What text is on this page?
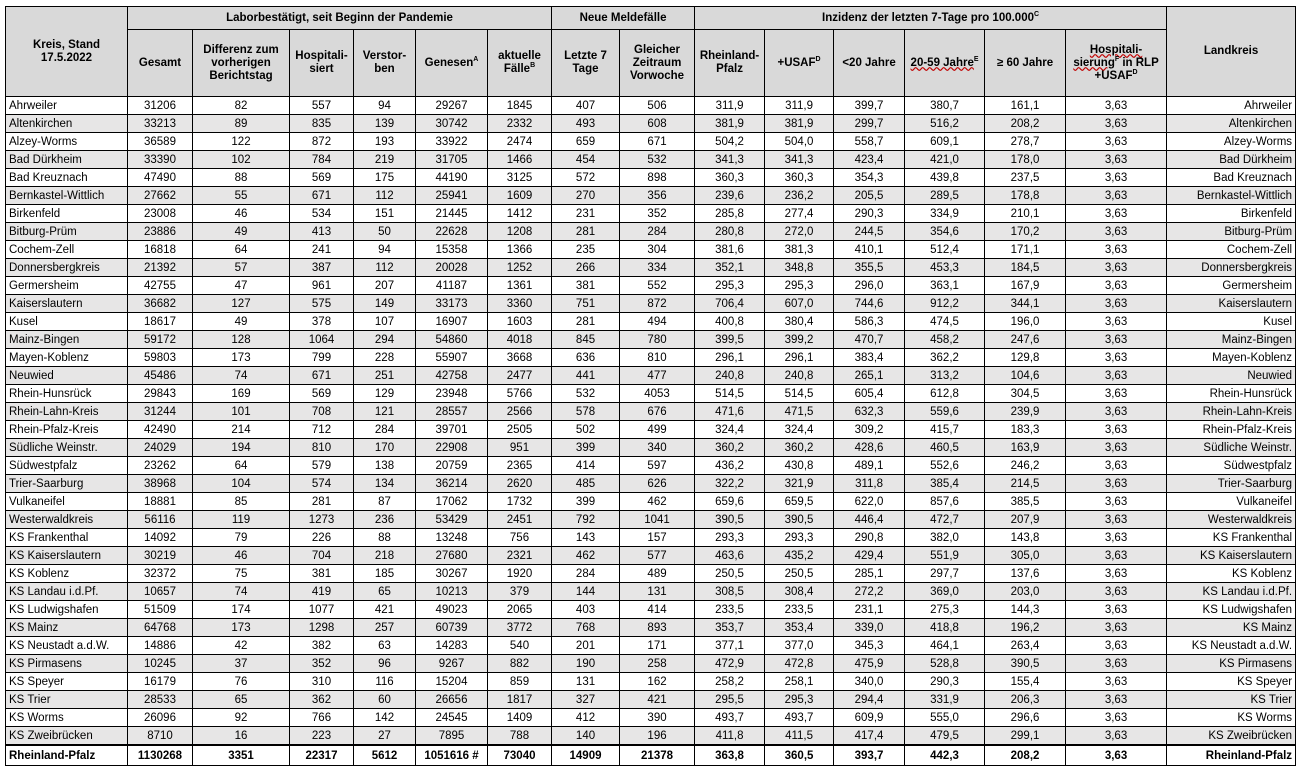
Kreis, Stand
17.5.2022	Laborbestätigt, seit Beginn der Pandemie						Neue Meldefälle		Inzidenz der letzten 7-Tage pro $100.000^C$						Landkreis
	Gesamt	Differenz zum vorherigen Berichtstag	Hospitali-siert	Verstor-ben	Genesen$^A$	aktuelle Fälle$^B$	Letzte 7 Tage	Gleicher Zeitraum Vorwoche	Rheinland-Pfalz	$+USAF^D$	<20 Jahre	20-59 Jahre$^E$	≥ 60 Jahre	Hospitali-sierung$^F$ in RLP $+USAF^D$
Ahrweiler	31206	82	557	94	29267	1845	407	506	311,9	311,9	399,7	380,7	161,1	3,63	Ahrweiler
Altenkirchen	33213	89	835	139	30742	2332	493	608	381,9	381,9	299,7	516,2	208,2	3,63	Altenkirchen
Alzey-Worms	36589	122	872	193	33922	2474	659	671	504,2	504,0	558,7	609,1	278,7	3,63	Alzey-Worms
Bad Dürkheim	33390	102	784	219	31705	1466	454	532	341,3	341,3	423,4	421,0	178,0	3,63	Bad Dürkheim
Bad Kreuznach	47490	88	569	175	44190	3125	572	898	360,3	360,3	354,3	439,8	237,5	3,63	Bad Kreuznach
Bernkastel-Wittlich	27662	55	671	112	25941	1609	270	356	239,6	236,2	205,5	289,5	178,8	3,63	Bernkastel-Wittlich
Birkenfeld	23008	46	534	151	21445	1412	231	352	285,8	277,4	290,3	334,9	210,1	3,63	Birkenfeld
Bitburg-Prüm	23886	49	413	50	22628	1208	281	284	280,8	272,0	244,5	354,6	170,2	3,63	Bitburg-Prüm
Cochem-Zell	16818	64	241	94	15358	1366	235	304	381,6	381,3	410,1	512,4	171,1	3,63	Cochem-Zell
Donnersbergkreis	21392	57	387	112	20028	1252	266	334	352,1	348,8	355,5	453,3	184,5	3,63	Donnersbergkreis
Germersheim	42755	47	961	207	41187	1361	381	552	295,3	295,3	296,0	363,1	167,9	3,63	Germersheim
Kaiserslautern	36682	127	575	149	33173	3360	751	872	706,4	607,0	744,6	912,2	344,1	3,63	Kaiserslautern
Kusel	18617	49	378	107	16907	1603	281	494	400,8	380,4	586,3	474,5	196,0	3,63	Kusel
Mainz-Bingen	59172	128	1064	294	54860	4018	845	780	399,5	399,2	470,7	458,2	247,6	3,63	Mainz-Bingen
Mayen-Koblenz	59803	173	799	228	55907	3668	636	810	296,1	296,1	383,4	362,2	129,8	3,63	Mayen-Koblenz
Neuwied	45486	74	671	251	42758	2477	441	477	240,8	240,8	265,1	313,2	104,6	3,63	Neuwied
Rhein-Hunsrück	29843	169	569	129	23948	5766	532	4053	514,5	514,5	605,4	612,8	304,5	3,63	Rhein-Hunsrück
Rhein-Lahn-Kreis	31244	101	708	121	28557	2566	578	676	471,6	471,5	632,3	559,6	239,9	3,63	Rhein-Lahn-Kreis
Rhein-Pfalz-Kreis	42490	214	712	284	39701	2505	502	499	324,4	324,4	309,2	415,7	183,3	3,63	Rhein-Pfalz-Kreis
Südliche Weinstr.	24029	194	810	170	22908	951	399	340	360,2	360,2	428,6	460,5	163,9	3,63	Südliche Weinstr.
Südwestpfalz	23262	64	579	138	20759	2365	414	597	436,2	430,8	489,1	552,6	246,2	3,63	Südwestpfalz
Trier-Saarburg	38968	104	574	134	36214	2620	485	626	322,2	321,9	311,8	385,4	214,5	3,63	Trier-Saarburg
Vulkaneifel	18881	85	281	87	17062	1732	399	462	659,6	659,5	622,0	857,6	385,5	3,63	Vulkaneifel
Westerwaldkreis	56116	119	1273	236	53429	2451	792	1041	390,5	390,5	446,4	472,7	207,9	3,63	Westerwaldkreis
KS Frankenthal	14092	79	226	88	13248	756	143	157	293,3	293,3	290,8	382,0	143,8	3,63	KS Frankenthal
KS Kaiserslautern	30219	46	704	218	27680	2321	462	577	463,6	435,2	429,4	551,9	305,0	3,63	KS Kaiserslautern
KS Koblenz	32372	75	381	185	30267	1920	284	489	250,5	250,5	285,1	297,7	137,6	3,63	KS Koblenz
KS Landau i.d.Pf.	10657	74	419	65	10213	379	144	131	308,5	308,4	272,2	369,0	203,0	3,63	KS Landau i.d.Pf.
KS Ludwigshafen	51509	174	1077	421	49023	2065	403	414	233,5	233,5	231,1	275,3	144,3	3,63	KS Ludwigshafen
KS Mainz	64768	173	1298	257	60739	3772	768	893	353,7	353,4	339,0	418,8	196,2	3,63	KS Mainz
KS Neustadt a.d.W.	14886	42	382	63	14283	540	201	171	377,1	377,0	345,3	464,1	263,4	3,63	KS Neustadt a.d.W.
KS Pirmasens	10245	37	352	96	9267	882	190	258	472,9	472,8	475,9	528,8	390,5	3,63	KS Pirmasens
KS Speyer	16179	76	310	116	15204	859	131	162	258,2	258,1	340,0	290,3	155,4	3,63	KS Speyer
KS Trier	28533	65	362	60	26656	1817	327	421	295,5	295,3	294,4	331,9	206,3	3,63	KS Trier
KS Worms	26096	92	766	142	24545	1409	412	390	493,7	493,7	609,9	555,0	296,6	3,63	KS Worms
KS Zweibrücken	8710	16	223	27	7895	788	140	196	411,8	411,5	417,4	479,5	299,1	3,63	KS Zweibrücken
Rheinland-Pfalz	1130268	3351	22317	5612	1051616 #	73040	14909	21378	363,8	360,5	393,7	442,3	208,2	3,63	Rheinland-Pfalz
